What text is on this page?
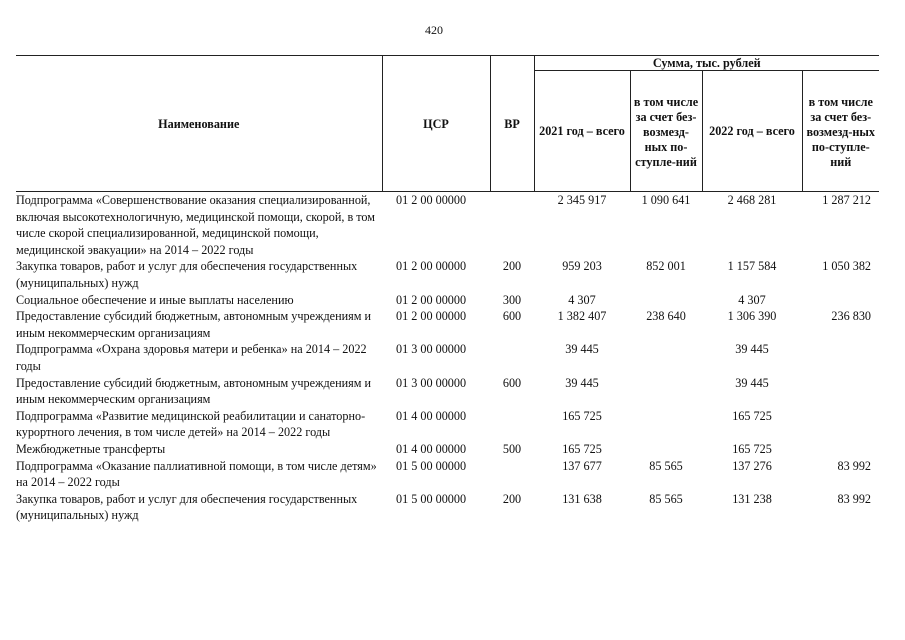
420
Наименование	ЦСР	ВР	Сумма, тыс. рублей			
			2021 год – всего	в том числе за счет без-возмезд-ных по-ступле-ний	2022 год – всего	в том числе за счет без-возмезд-ных по-ступле-ний
Подпрограмма «Совершенствование оказания специализированной, включая высокотехнологичную, медицинской помощи, скорой, в том числе скорой специализированной, медицинской помощи, медицинской эвакуации» на 2014 – 2022 годы	01 2 00 00000		2 345 917	1 090 641	2 468 281	1 287 212
Закупка товаров, работ и услуг для обеспечения государственных (муниципальных) нужд	01 2 00 00000	200	959 203	852 001	1 157 584	1 050 382
Социальное обеспечение и иные выплаты населению	01 2 00 00000	300	4 307		4 307	
Предоставление субсидий бюджетным, автономным учреждениям и иным некоммерческим организациям	01 2 00 00000	600	1 382 407	238 640	1 306 390	236 830
Подпрограмма «Охрана здоровья матери и ребенка» на 2014 – 2022 годы	01 3 00 00000		39 445		39 445	
Предоставление субсидий бюджетным, автономным учреждениям и иным некоммерческим организациям	01 3 00 00000	600	39 445		39 445	
Подпрограмма «Развитие медицинской реабилитации и санаторно-курортного лечения, в том числе детей» на 2014 – 2022 годы	01 4 00 00000		165 725		165 725	
Межбюджетные трансферты	01 4 00 00000	500	165 725		165 725	
Подпрограмма «Оказание паллиативной помощи, в том числе детям» на 2014 – 2022 годы	01 5 00 00000		137 677	85 565	137 276	83 992
Закупка товаров, работ и услуг для обеспечения государственных (муниципальных) нужд	01 5 00 00000	200	131 638	85 565	131 238	83 992
